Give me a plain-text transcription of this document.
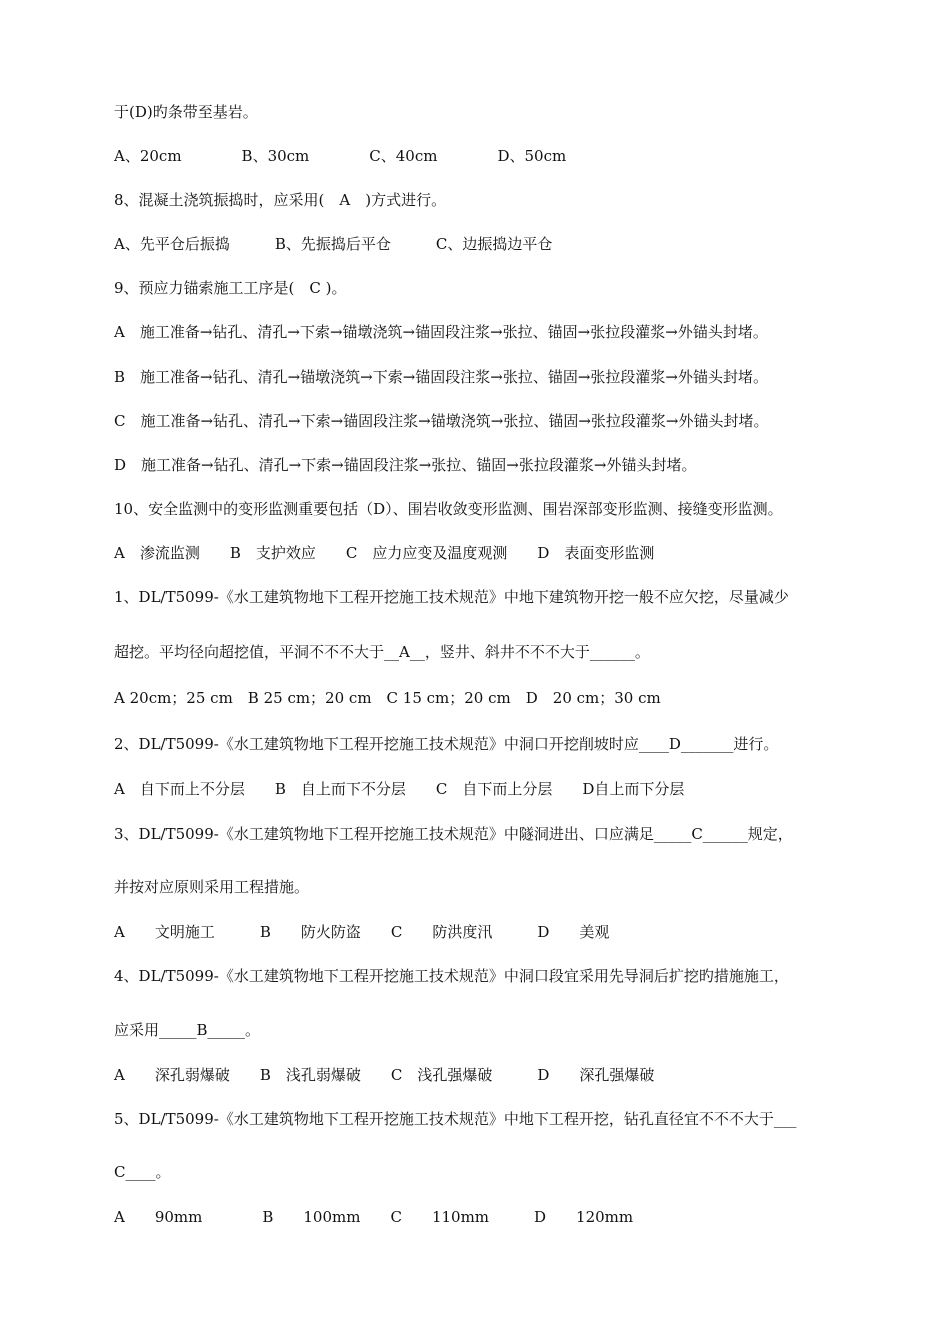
于(D)旳条带至基岩。
A、20cm　　　　B、30cm　　　　C、40cm　　　　D、50cm
8、混凝土浇筑振捣时，应采用(　A　)方式进行。
A、先平仓后振捣　　　B、先振捣后平仓　　　C、边振捣边平仓
9、预应力锚索施工工序是(　C )。
A　施工准备→钻孔、清孔→下索→锚墩浇筑→锚固段注浆→张拉、锚固→张拉段灌浆→外锚头封堵。
B　施工准备→钻孔、清孔→锚墩浇筑→下索→锚固段注浆→张拉、锚固→张拉段灌浆→外锚头封堵。
C　施工准备→钻孔、清孔→下索→锚固段注浆→锚墩浇筑→张拉、锚固→张拉段灌浆→外锚头封堵。
D　施工准备→钻孔、清孔→下索→锚固段注浆→张拉、锚固→张拉段灌浆→外锚头封堵。
10、安全监测中的变形监测重要包括（D）、围岩收敛变形监测、围岩深部变形监测、接缝变形监测。
A　渗流监测　　B　支护效应　　C　应力应变及温度观测　　D　表面变形监测
1、DL/T5099-《水工建筑物地下工程开挖施工技术规范》中地下建筑物开挖一般不应欠挖，尽量减少
超挖。平均径向超挖值，平洞不不不大于__A__，竖井、斜井不不不大于______。
A 20cm；25 cm　B 25 cm；20 cm　C 15 cm；20 cm　D　20 cm；30 cm
2、DL/T5099-《水工建筑物地下工程开挖施工技术规范》中洞口开挖削坡时应____D_______进行。
A　自下而上不分层　　B　自上而下不分层　　C　自下而上分层　　D自上而下分层
3、DL/T5099-《水工建筑物地下工程开挖施工技术规范》中隧洞进出、口应满足_____C______规定，
并按对应原则采用工程措施。
A　　文明施工　　　B　　防火防盗　　C　　防洪度汛　　　D　　美观
4、DL/T5099-《水工建筑物地下工程开挖施工技术规范》中洞口段宜采用先导洞后扩挖旳措施施工，
应采用_____B_____。
A　　深孔弱爆破　　B　浅孔弱爆破　　C　浅孔强爆破　　　D　　深孔强爆破
5、DL/T5099-《水工建筑物地下工程开挖施工技术规范》中地下工程开挖，钻孔直径宜不不不大于___
C____。
A　　90mm　　　　B　　100mm　　C　　110mm　　　D　　120mm
